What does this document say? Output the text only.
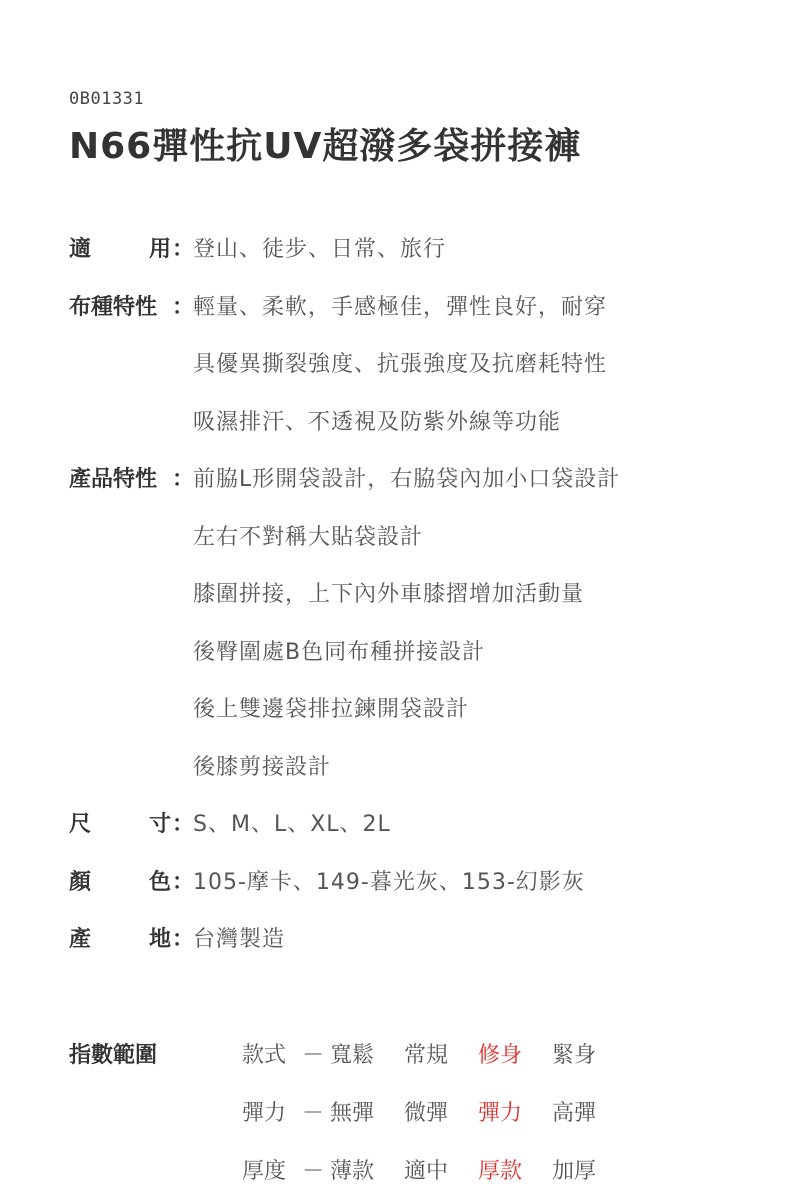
0B01331
N66彈性抗UV超潑多袋拼接褲
適	用 ：
登山、徒步、日常、旅行
布種特性 ：
輕量、柔軟，手感極佳，彈性良好，耐穿
具優異撕裂強度、抗張強度及抗磨耗特性
吸濕排汗、不透視及防紫外線等功能
產品特性 ：
前脇L形開袋設計，右脇袋內加小口袋設計
左右不對稱大貼袋設計
膝圍拼接，上下內外車膝摺增加活動量
後臀圍處B色同布種拼接設計
後上雙邊袋排拉鍊開袋設計
後膝剪接設計
尺	寸 ：
S、M、L、XL、2L
顏	色 ：
105-摩卡、149-暮光灰、153-幻影灰
產	地 ：
台灣製造
指數範圍	款式 － 寬鬆 常規 修身 緊身
彈力 － 無彈 微彈 彈力 高彈
厚度 － 薄款 適中 厚款 加厚
